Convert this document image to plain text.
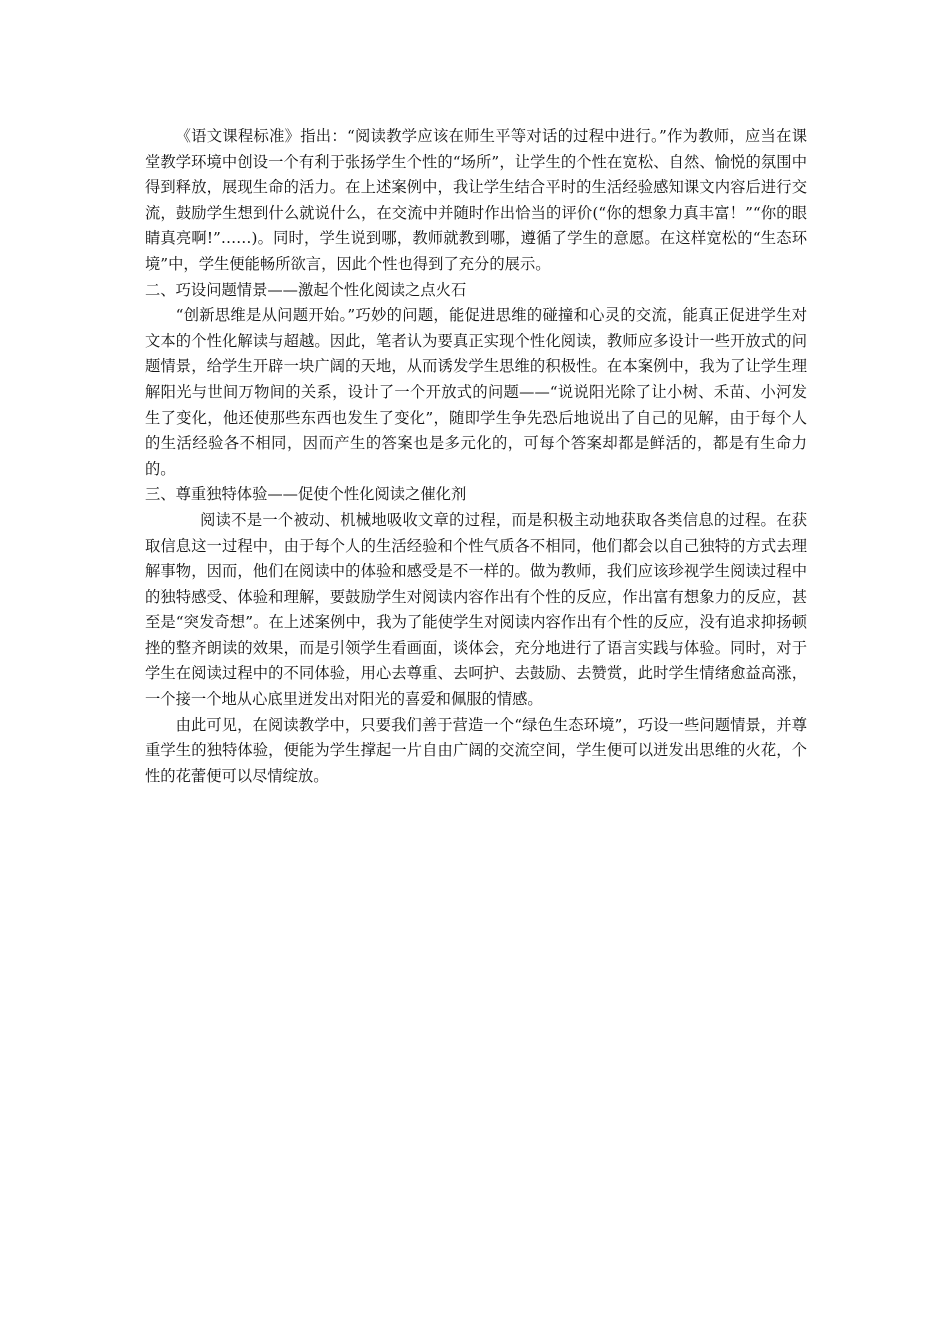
《语文课程标准》指出：“阅读教学应该在师生平等对话的过程中进行。”作为教师，应当在课堂教学环境中创设一个有利于张扬学生个性的“场所”，让学生的个性在宽松、自然、愉悦的氛围中得到释放，展现生命的活力。在上述案例中，我让学生结合平时的生活经验感知课文内容后进行交流，鼓励学生想到什么就说什么，在交流中并随时作出恰当的评价(“你的想象力真丰富！”“你的眼睛真亮啊!”……)。同时，学生说到哪，教师就教到哪，遵循了学生的意愿。在这样宽松的“生态环境”中，学生便能畅所欲言，因此个性也得到了充分的展示。

二、巧设问题情景——激起个性化阅读之点火石

“创新思维是从问题开始。”巧妙的问题，能促进思维的碰撞和心灵的交流，能真正促进学生对文本的个性化解读与超越。因此，笔者认为要真正实现个性化阅读，教师应多设计一些开放式的问题情景，给学生开辟一块广阔的天地，从而诱发学生思维的积极性。在本案例中，我为了让学生理解阳光与世间万物间的关系，设计了一个开放式的问题——“说说阳光除了让小树、禾苗、小河发生了变化，他还使那些东西也发生了变化”，随即学生争先恐后地说出了自己的见解，由于每个人的生活经验各不相同，因而产生的答案也是多元化的，可每个答案却都是鲜活的，都是有生命力的。

三、尊重独特体验——促使个性化阅读之催化剂

阅读不是一个被动、机械地吸收文章的过程，而是积极主动地获取各类信息的过程。在获取信息这一过程中，由于每个人的生活经验和个性气质各不相同，他们都会以自己独特的方式去理解事物，因而，他们在阅读中的体验和感受是不一样的。做为教师，我们应该珍视学生阅读过程中的独特感受、体验和理解，要鼓励学生对阅读内容作出有个性的反应，作出富有想象力的反应，甚至是“突发奇想”。在上述案例中，我为了能使学生对阅读内容作出有个性的反应，没有追求抑扬顿挫的整齐朗读的效果，而是引领学生看画面，谈体会，充分地进行了语言实践与体验。同时，对于学生在阅读过程中的不同体验，用心去尊重、去呵护、去鼓励、去赞赏，此时学生情绪愈益高涨，一个接一个地从心底里迸发出对阳光的喜爱和佩服的情感。

由此可见，在阅读教学中，只要我们善于营造一个“绿色生态环境”，巧设一些问题情景，并尊重学生的独特体验，便能为学生撑起一片自由广阔的交流空间，学生便可以迸发出思维的火花，个性的花蕾便可以尽情绽放。
